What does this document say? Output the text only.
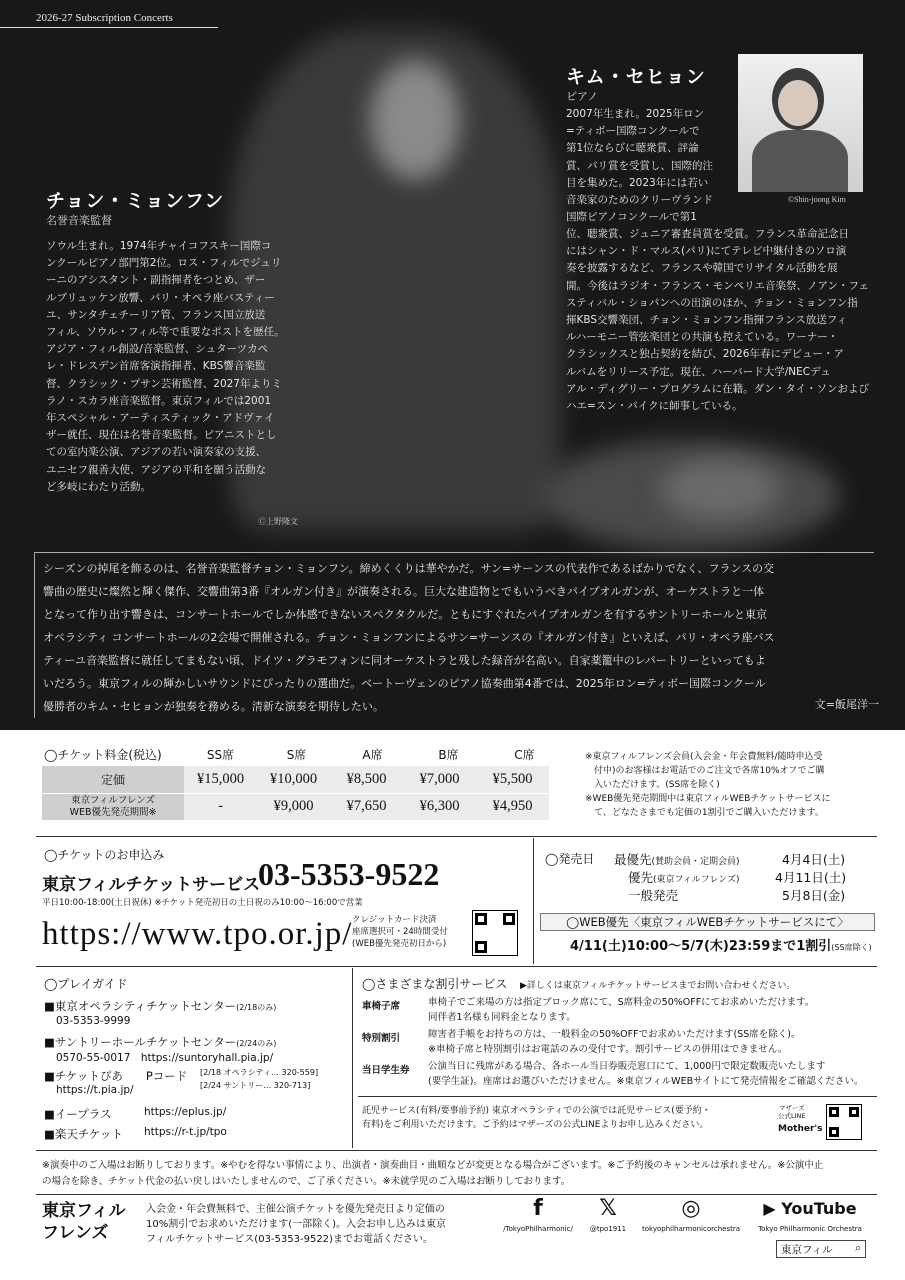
2026-27 Subscription Concerts
チョン・ミョンフン
名誉音楽監督
ソウル生まれ。1974年チャイコフスキー国際コ
ンクールピアノ部門第2位。ロス・フィルでジュリ
ーニのアシスタント・副指揮者をつとめ、ザー
ルブリュッケン放響、パリ・オペラ座バスティー
ユ、サンタチェチーリア管、フランス国立放送
フィル、ソウル・フィル等で重要なポストを歴任。
アジア・フィル創設/音楽監督、シュターツカペ
レ・ドレスデン首席客演指揮者、KBS響音楽監
督、クラシック・プサン芸術監督、2027年よりミ
ラノ・スカラ座音楽監督。東京フィルでは2001
年スペシャル・アーティスティック・アドヴァイ
ザー就任、現在は名誉音楽監督。ピアニストとし
ての室内楽公演、アジアの若い演奏家の支援、
ユニセフ親善大使、アジアの平和を願う活動な
ど多岐にわたり活動。
Ⓒ上野隆文
キム・セヒョン
ピアノ
2007年生まれ。2025年ロン
=ティボー国際コンクールで
第1位ならびに聴衆賞、評論
賞、パリ賞を受賞し、国際的注
目を集めた。2023年には若い
音楽家のためのクリーヴランド
国際ピアノコンクールで第1
位、聴衆賞、ジュニア審査員賞を受賞。フランス革命記念日
にはシャン・ド・マルス(パリ)にてテレビ中継付きのソロ演
奏を披露するなど、フランスや韓国でリサイタル活動を展
開。今後はラジオ・フランス・モンペリエ音楽祭、ノアン・フェ
スティバル・ショパンへの出演のほか、チョン・ミョンフン指
揮KBS交響楽団、チョン・ミョンフン指揮フランス放送フィ
ルハーモニー管弦楽団との共演も控えている。ワーナー・
クラシックスと独占契約を結び、2026年春にデビュー・ア
ルバムをリリース予定。現在、ハーバード大学/NECデュ
アル・ディグリー・プログラムに在籍。ダン・タイ・ソンおよび
ハエ=スン・パイクに師事している。
©Shin-joong Kim
シーズンの掉尾を飾るのは、名誉音楽監督チョン・ミョンフン。締めくくりは華やかだ。サン=サーンスの代表作であるばかりでなく、フランスの交
響曲の歴史に燦然と輝く傑作、交響曲第3番『オルガン付き』が演奏される。巨大な建造物とでもいうべきパイプオルガンが、オーケストラと一体
となって作り出す響きは、コンサートホールでしか体感できないスペクタクルだ。ともにすぐれたパイプオルガンを有するサントリーホールと東京
オペラシティ コンサートホールの2会場で開催される。チョン・ミョンフンによるサン=サーンスの『オルガン付き』といえば、パリ・オペラ座バス
ティーユ音楽監督に就任してまもない頃、ドイツ・グラモフォンに同オーケストラと残した録音が名高い。自家薬籠中のレパートリーといってもよ
いだろう。東京フィルの輝かしいサウンドにぴったりの選曲だ。ベートーヴェンのピアノ協奏曲第4番では、2025年ロン=ティボー国際コンクール
優勝者のキム・セヒョンが独奏を務める。清新な演奏を期待したい。	文=飯尾洋一
◯チケット料金(税込)	SS席	S席	A席	B席	C席
定価	¥15,000	¥10,000	¥8,500	¥7,000	¥5,500
東京フィルフレンズ
WEB優先発売期間※	-	¥9,000	¥7,650	¥6,300	¥4,950
※東京フィルフレンズ会員(入会金・年会費無料/随時申込受
　付中)のお客様はお電話でのご注文で各席10%オフでご購
　入いただけます。(SS席を除く)
※WEB優先発売期間中は東京フィルWEBチケットサービスに
　て、どなたさまでも定価の1割引でご購入いただけます。
◯チケットのお申込み
東京フィルチケットサービス
03-5353-9522
平日10:00-18:00(土日祝休) ※チケット発売初日の土日祝のみ10:00〜16:00で営業
https://www.tpo.or.jp/ クレジットカード決済
座席選択可・24時間受付
(WEB優先発売初日から)
◯発売日 最優先(賛助会員・定期会員)	4月4日(土)
優先(東京フィルフレンズ)	4月11日(土)
一般発売	5月8日(金)
◯WEB優先〈東京フィルWEBチケットサービスにて〉
4/11(土)10:00〜5/7(木)23:59まで1割引(SS席除く)
◯プレイガイド
■東京オペラシティチケットセンター(2/18のみ)
03-5353-9999
■サントリーホールチケットセンター(2/24のみ)
0570-55-0017　https://suntoryhall.pia.jp/
■チケットぴあ　　Pコード [2/18 オペラシティ… 320-559]
[2/24 サントリー… 320-713]
https://t.pia.jp/
■イープラス	https://eplus.jp/
■楽天チケット https://r-t.jp/tpo
◯さまざまな割引サービス ▶詳しくは東京フィルチケットサービスまでお問い合わせください。
車椅子席	車椅子でご来場の方は指定ブロック席にて、S席料金の50%OFFにてお求めいただけます。
同伴者1名様も同料金となります。
特別割引	障害者手帳をお持ちの方は、一般料金の50%OFFでお求めいただけます(SS席を除く)。
※車椅子席と特別割引はお電話のみの受付です。割引サービスの併用はできません。
当日学生券 公演当日に残席がある場合、各ホール当日券販売窓口にて、1,000円で限定数販売いたします
(要学生証)。座席はお選びいただけません。※東京フィルWEBサイトにて発売情報をご確認ください。
託児サービス(有料/要事前予約) 東京オペラシティでの公演では託児サービス(要予約・
有料)をご利用いただけます。ご予約はマザーズの公式LINEよりお申し込みください。
マザーズ
公式LINE
Mother's
※演奏中のご入場はお断りしております。※やむを得ない事情により、出演者・演奏曲目・曲順などが変更となる場合がございます。※ご予約後のキャンセルは承れません。※公演中止
の場合を除き、チケット代金の払い戻しはいたしませんので、ご了承ください。※未就学児のご入場はお断りしております。
東京フィル
フレンズ
入会金・年会費無料で、主催公演チケットを優先発売日より定価の
10%割引でお求めいただけます(一部除く)。入会お申し込みは東京
フィルチケットサービス(03-5353-9522)までお電話ください。
f
/TokyoPhilharmonic/
𝕏
@tpo1911
◎
tokyophilharmonicorchestra
▶ YouTube
Tokyo Philharmonic Orchestra
東京フィル ⌕
